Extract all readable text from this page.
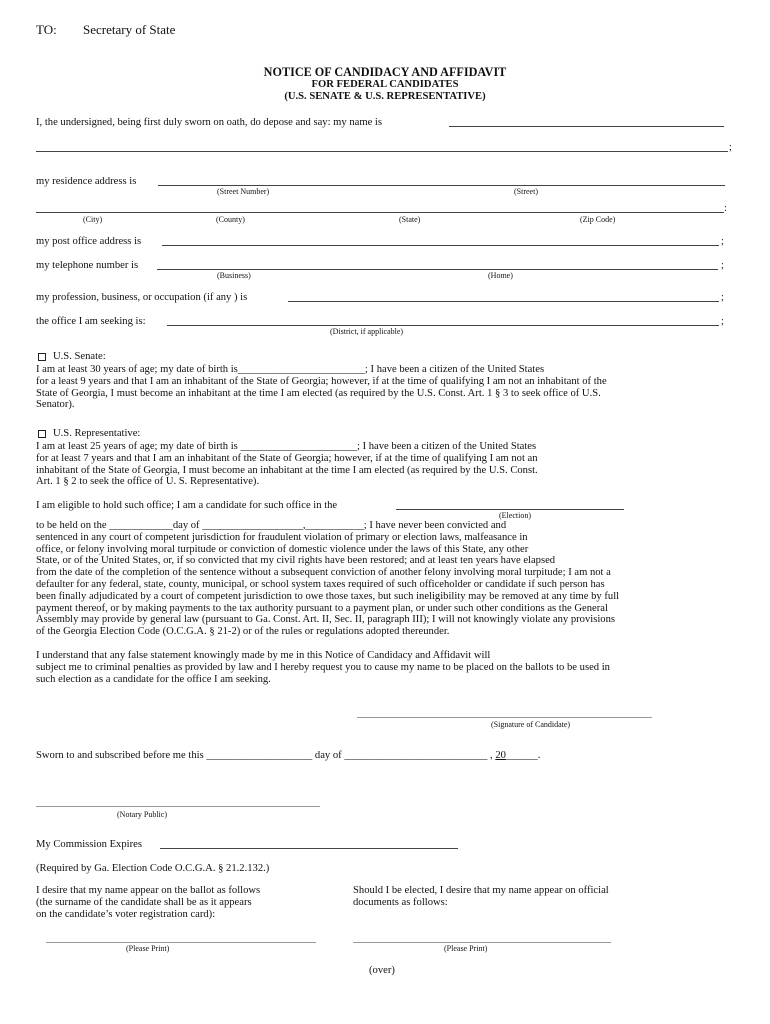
TO: Secretary of State
NOTICE OF CANDIDACY AND AFFIDAVIT
FOR FEDERAL CANDIDATES
(U.S. SENATE & U.S. REPRESENTATIVE)
I, the undersigned, being first duly sworn on oath, do depose and say: my name is
;
my residence address is
(Street Number)	(Street)
:
(City)	(County)	(State)	(Zip Code)
my post office address is	;
my telephone number is	;
(Business)	(Home)
my profession, business, or occupation (if any ) is	;
the office I am seeking is:	;
(District, if applicable)
U.S. Senate:
I am at least 30 years of age; my date of birth is________________________; I have been a citizen of the United States
for a least 9 years and that I am an inhabitant of the State of Georgia; however, if at the time of qualifying I am not an inhabitant of the
State of Georgia, I must become an inhabitant at the time I am elected (as required by the U.S. Const. Art. 1 § 3 to seek office of U.S.
Senator).
U.S. Representative:
I am at least 25 years of age; my date of birth is ______________________; I have been a citizen of the United States
for at least 7 years and that I am an inhabitant of the State of Georgia; however, if at the time of qualifying I am not an
inhabitant of the State of Georgia, I must become an inhabitant at the time I am elected (as required by the U.S. Const.
Art. 1 § 2 to seek the office of U. S. Representative).
I am eligible to hold such office; I am a candidate for such office in the
(Election)
to be held on the ____________day of ___________________,___________; I have never been convicted and
sentenced in any court of competent jurisdiction for fraudulent violation of primary or election laws, malfeasance in
office, or felony involving moral turpitude or conviction of domestic violence under the laws of this State, any other
State, or of the United States, or, if so convicted that my civil rights have been restored; and at least ten years have elapsed
from the date of the completion of the sentence without a subsequent conviction of another felony involving moral turpitude; I am not a
defaulter for any federal, state, county, municipal, or school system taxes required of such officeholder or candidate if such person has
been finally adjudicated by a court of competent jurisdiction to owe those taxes, but such ineligibility may be removed at any time by full
payment thereof, or by making payments to the tax authority pursuant to a payment plan, or under such other conditions as the General
Assembly may provide by general law (pursuant to Ga. Const. Art. II, Sec. II, paragraph III); I will not knowingly violate any provisions
of the Georgia Election Code (O.C.G.A. § 21-2) or of the rules or regulations adopted thereunder.
I understand that any false statement knowingly made by me in this Notice of Candidacy and Affidavit will
subject me to criminal penalties as provided by law and I hereby request you to cause my name to be placed on the ballots to be used in
such election as a candidate for the office I am seeking.
(Signature of Candidate)
Sworn to and subscribed before me this ____________________ day of ___________________________ , 20______.
(Notary Public)
My Commission Expires
(Required by Ga. Election Code O.C.G.A. § 21.2.132.)
I desire that my name appear on the ballot as follows
(the surname of the candidate shall be as it appears
on the candidate’s voter registration card):
(Please Print)
Should I be elected, I desire that my name appear on official
documents as follows:
(Please Print)
(over)
